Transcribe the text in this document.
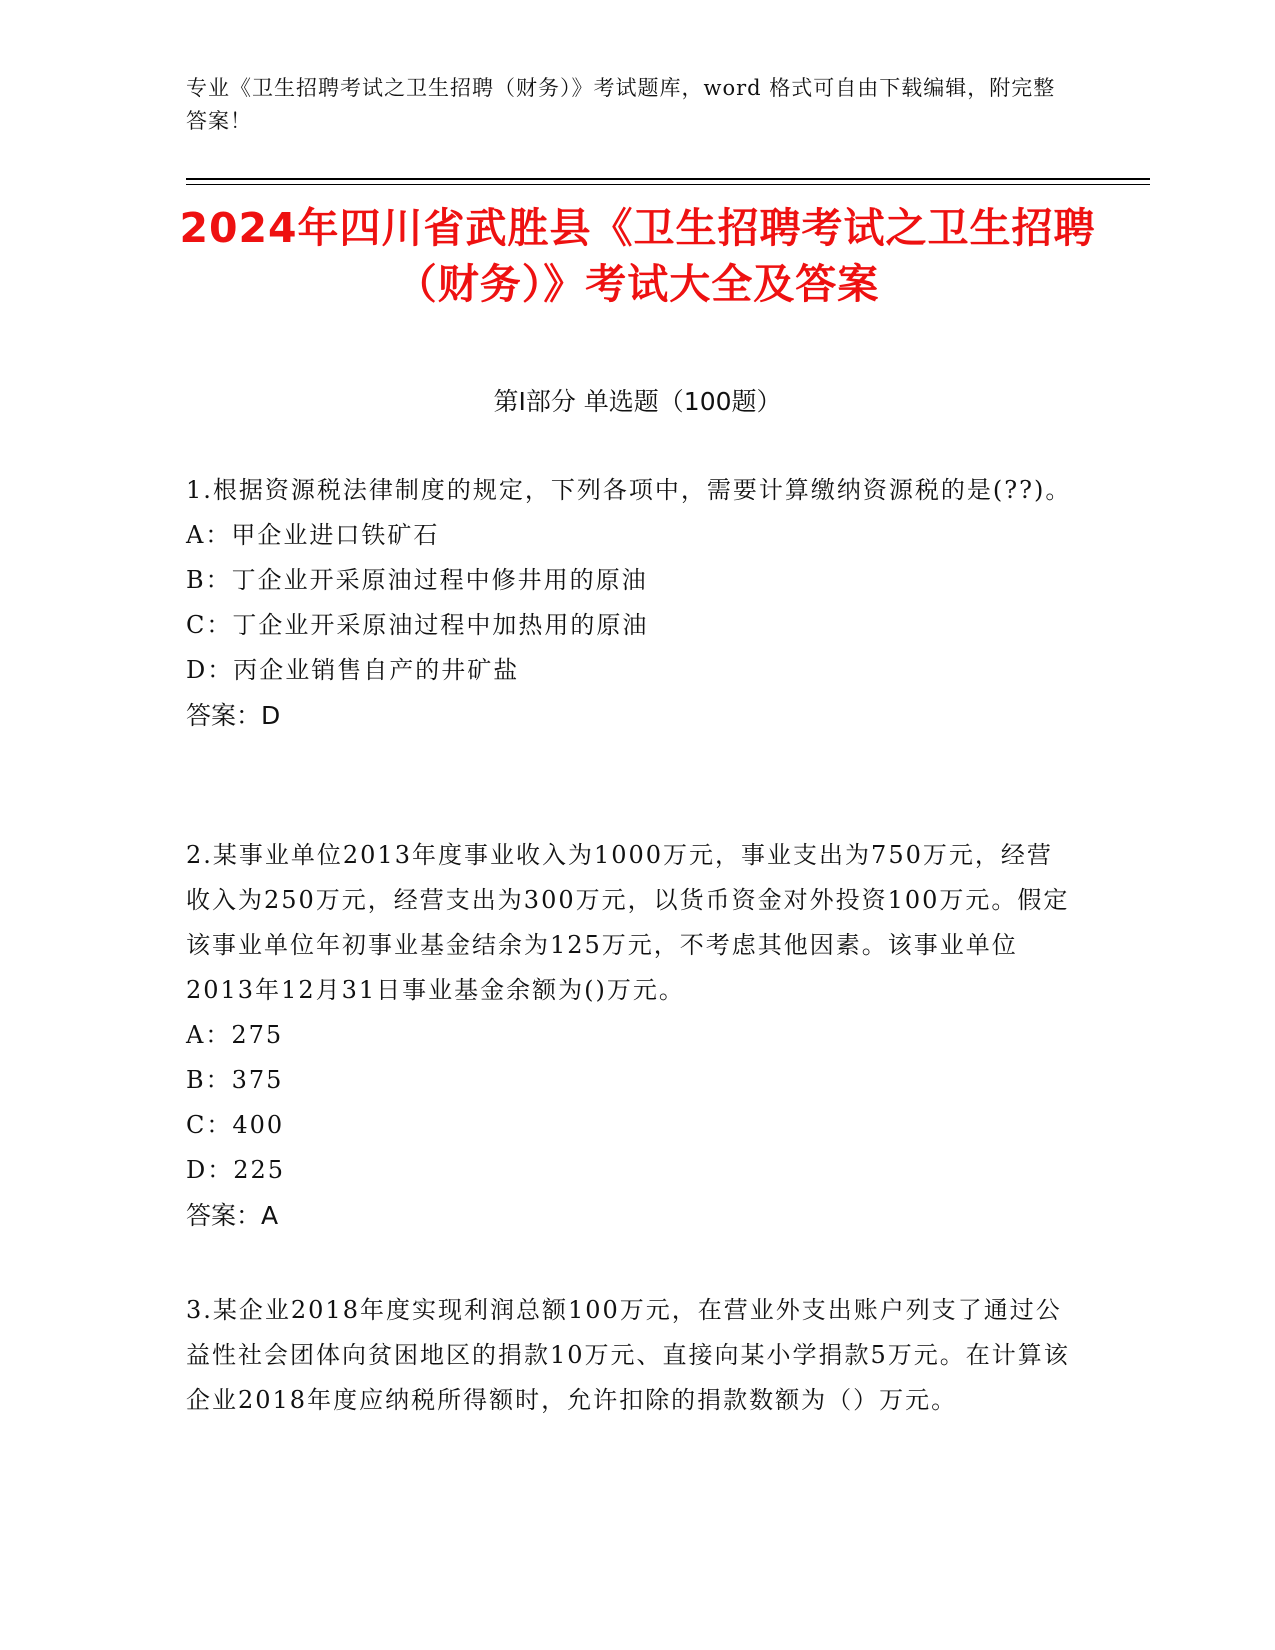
专业《卫生招聘考试之卫生招聘（财务）》考试题库，word 格式可自由下载编辑，附完整答案！
2024年四川省武胜县《卫生招聘考试之卫生招聘（财务）》考试大全及答案
第Ⅰ部分 单选题（100题）
1.根据资源税法律制度的规定，下列各项中，需要计算缴纳资源税的是(??)。
A：甲企业进口铁矿石
B：丁企业开采原油过程中修井用的原油
C：丁企业开采原油过程中加热用的原油
D：丙企业销售自产的井矿盐
答案：D
2.某事业单位2013年度事业收入为1000万元，事业支出为750万元，经营收入为250万元，经营支出为300万元，以货币资金对外投资100万元。假定该事业单位年初事业基金结余为125万元，不考虑其他因素。该事业单位2013年12月31日事业基金余额为()万元。
A：275
B：375
C：400
D：225
答案：A
3.某企业2018年度实现利润总额100万元，在营业外支出账户列支了通过公益性社会团体向贫困地区的捐款10万元、直接向某小学捐款5万元。在计算该企业2018年度应纳税所得额时，允许扣除的捐款数额为（）万元。
